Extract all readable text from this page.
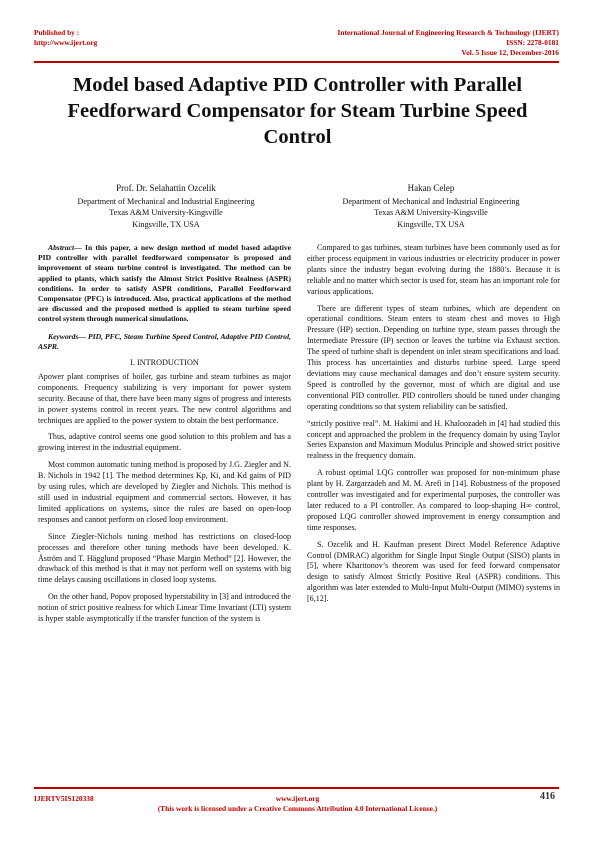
Published by :
http://www.ijert.org
International Journal of Engineering Research & Technology (IJERT)
ISSN: 2278-0181
Vol. 5 Issue 12, December-2016
Model based Adaptive PID Controller with Parallel Feedforward Compensator for Steam Turbine Speed Control
Prof. Dr. Selahattin Ozcelik
Department of Mechanical and Industrial Engineering
Texas A&M University-Kingsville
Kingsville, TX USA
Hakan Celep
Department of Mechanical and Industrial Engineering
Texas A&M University-Kingsville
Kingsville, TX USA

Abstract— In this paper, a new design method of model based adaptive PID controller with parallel feedforward compensator is proposed and improvement of steam turbine control is investigated. The method can be applied to plants, which satisfy the Almost Strict Positive Realness (ASPR) conditions. In order to satisfy ASPR conditions, Parallel Feedforward Compensator (PFC) is introduced. Also, practical applications of the method are discussed and the proposed method is applied to steam turbine speed control system through numerical simulations.

Keywords— PID, PFC, Steam Turbine Speed Control, Adaptive PID Control, ASPR.

I. INTRODUCTION

Apower plant comprises of boiler, gas turbine and steam turbines as major components. Frequency stabilizing is very important for power system security. Because of that, there have been many signs of progress and interests in power systems control in recent years. The new control algorithms and techniques are applied to the power system to obtain the best performance.

Thus, adaptive control seems one good solution to this problem and has a growing interest in the industrial equipment.

Most common automatic tuning method is proposed by J.G. Ziegler and N. B. Nichols in 1942 [1]. The method determines Kp, Ki, and Kd gains of PID by using rules, which are developed by Ziegler and Nichols. This method is still used in industrial equipment and commercial sectors. However, it has limited applications on systems, since the rules are based on open-loop responses and cannot perform on closed loop environment.

Since Ziegler-Nichols tuning method has restrictions on closed-loop processes and therefore other tuning methods have been developed. K. Åström and T. Hägglund proposed “Phase Margin Method” [2]. However, the drawback of this method is that it may not perform well on systems with big time delays causing oscillations in closed loop systems.

On the other hand, Popov proposed hyperstability in [3] and introduced the notion of strict positive realness for which Linear Time Invariant (LTI) system is hyper stable asymptotically if the transfer function of the system is

Compared to gas turbines, steam turbines have been commonly used as for either process equipment in various industries or electricity producer in power plants since the industry began evolving during the 1880’s. Because it is reliable and no matter which sector is used for, steam has an important role for various applications.

There are different types of steam turbines, which are dependent on operational conditions. Steam enters to steam chest and moves to High Pressure (HP) section. Depending on turbine type, steam passes through the Intermediate Pressure (IP) section or leaves the turbine via Exhaust section. The speed of turbine shaft is dependent on inlet steam specifications and load. This process has uncertainties and disturbs turbine speed. Large speed deviations may cause mechanical damages and don’t ensure system security. Speed is controlled by the governor, most of which are digital and use conventional PID controller. PID controllers should be tuned under changing operating conditions so that system reliability can be satisfied.

“strictly positive real”. M. Hakimi and H. Khaloozadeh in [4] had studied this concept and approached the problem in the frequency domain by using Taylor Series Expansion and Maximum Modulus Principle and showed strict positive realness in the frequency domain.

A robust optimal LQG controller was proposed for non-minimum phase plant by H. Zargarzadeh and M. M. Arefi in [14]. Robustness of the proposed controller was investigated and for experimental purposes, the controller was later reduced to a PI controller. As compared to loop-shaping H∞ control, proposed LQG controller showed improvement in energy consumption and time responses.

S. Ozcelik and H. Kaufman present Direct Model Reference Adaptive Control (DMRAC) algorithm for Single Input Single Output (SISO) plants in [5], where Kharitonov’s theorem was used for feed forward compensator design to satisfy Almost Strictly Positive Real (ASPR) conditions. This algorithm was later extended to Multi-Input Multi-Output (MIMO) systems in [6,12].

IJERTV5IS120338	www.ijert.org
(This work is licensed under a Creative Commons Attribution 4.0 International License.)
416
